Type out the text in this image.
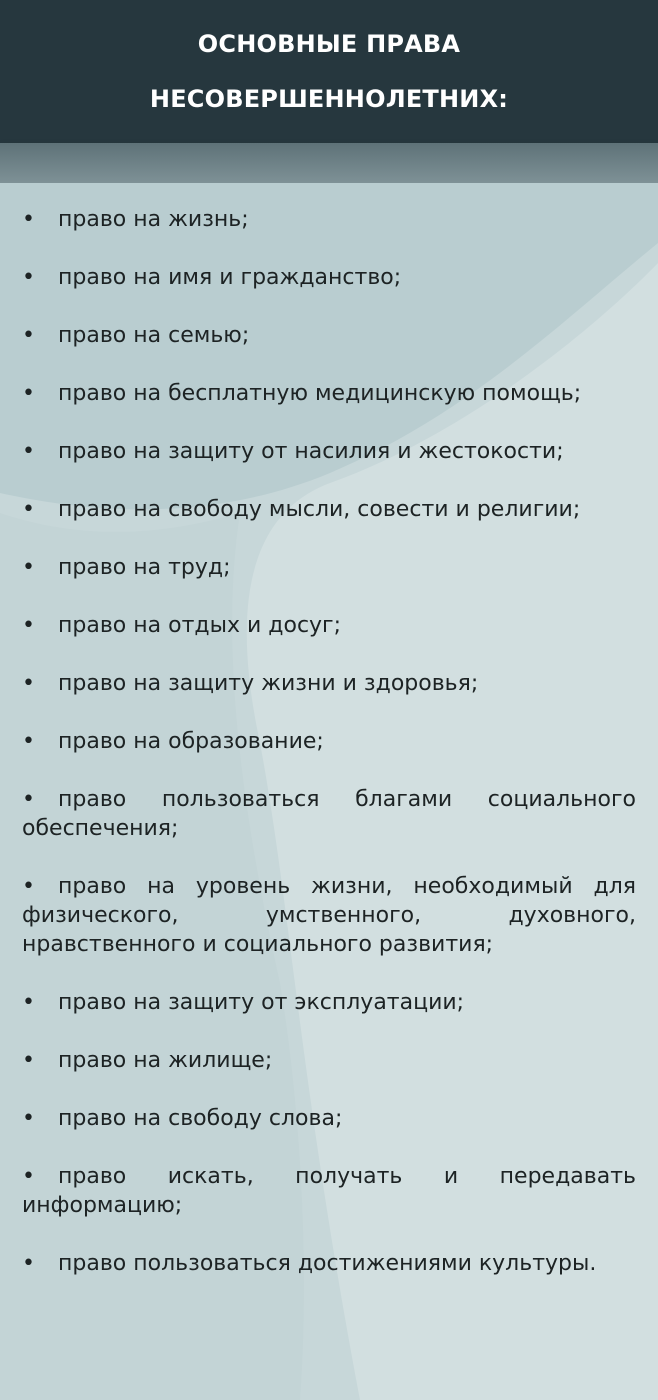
ОСНОВНЫЕ ПРАВА
НЕСОВЕРШЕННОЛЕТНИХ:
• право на жизнь;
• право на имя и гражданство;
• право на семью;
• право на бесплатную медицинскую помощь;
• право на защиту от насилия и жестокости;
• право на свободу мысли, совести и религии;
• право на труд;
• право на отдых и досуг;
• право на защиту жизни и здоровья;
• право на образование;
• право пользоваться благами социального обеспечения;
• право на уровень жизни, необходимый для физического, умственного, духовного, нравственного и социального развития;
• право на защиту от эксплуатации;
• право на жилище;
• право на свободу слова;
• право искать, получать и передавать информацию;
• право пользоваться достижениями культуры.
